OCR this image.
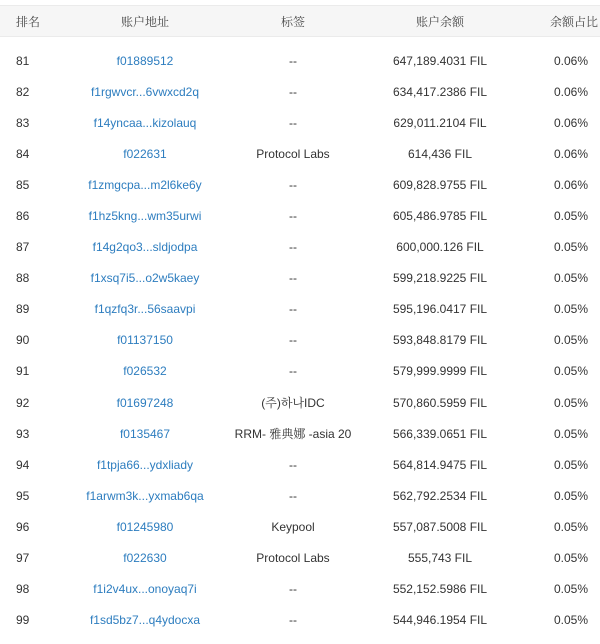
排名	账户地址	标签	账户余额	余额占比
81	f01889512	--	647,189.4031 FIL	0.06%
82	f1rgwvcr...6vwxcd2q	--	634,417.2386 FIL	0.06%
83	f14yncaa...kizolauq	--	629,011.2104 FIL	0.06%
84	f022631	Protocol Labs	614,436 FIL	0.06%
85	f1zmgcpa...m2l6ke6y	--	609,828.9755 FIL	0.06%
86	f1hz5kng...wm35urwi	--	605,486.9785 FIL	0.05%
87	f14g2qo3...sldjodpa	--	600,000.126 FIL	0.05%
88	f1xsq7i5...o2w5kaey	--	599,218.9225 FIL	0.05%
89	f1qzfq3r...56saavpi	--	595,196.0417 FIL	0.05%
90	f01137150	--	593,848.8179 FIL	0.05%
91	f026532	--	579,999.9999 FIL	0.05%
92	f01697248	(주)하나IDC	570,860.5959 FIL	0.05%
93	f0135467	RRM- 雅典娜 -asia 20	566,339.0651 FIL	0.05%
94	f1tpja66...ydxliady	--	564,814.9475 FIL	0.05%
95	f1arwm3k...yxmab6qa	--	562,792.2534 FIL	0.05%
96	f01245980	Keypool	557,087.5008 FIL	0.05%
97	f022630	Protocol Labs	555,743 FIL	0.05%
98	f1i2v4ux...onoyaq7i	--	552,152.5986 FIL	0.05%
99	f1sd5bz7...q4ydocxa	--	544,946.1954 FIL	0.05%
